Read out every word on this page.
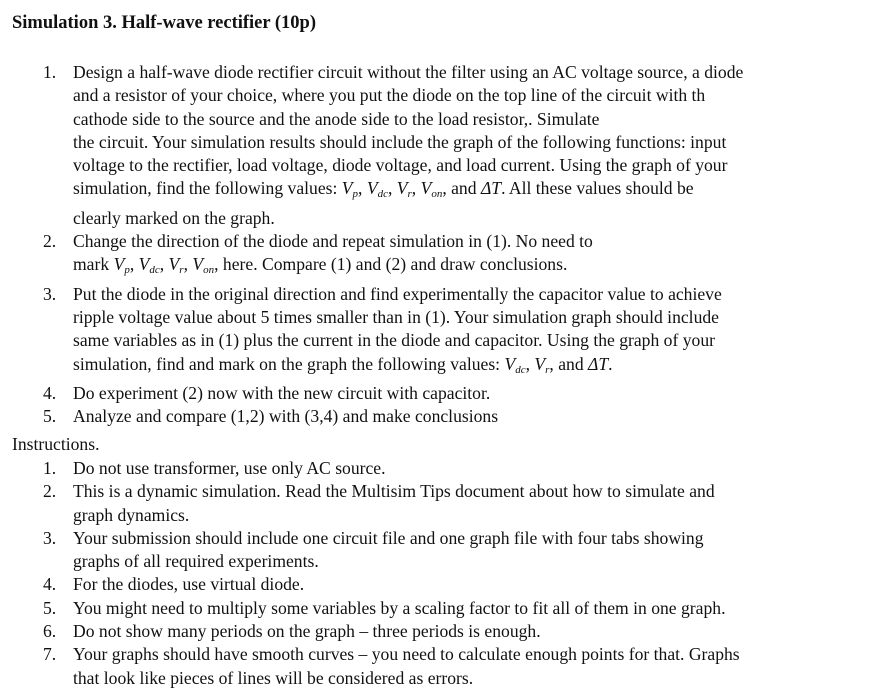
Simulation 3. Half-wave rectifier (10p)
1. Design a half-wave diode rectifier circuit without the filter using an AC voltage source, a diode
and a resistor of your choice, where you put the diode on the top line of the circuit with th
cathode side to the source and the anode side to the load resistor,. Simulate
the circuit. Your simulation results should include the graph of the following functions: input
voltage to the rectifier, load voltage, diode voltage, and load current. Using the graph of your
simulation, find the following values: $V_p$, $V_{dc}$, $V_r$, $V_{on}$, and ΔT. All these values should be
clearly marked on the graph.
2. Change the direction of the diode and repeat simulation in (1). No need to
mark $V_p$, $V_{dc}$, $V_r$, $V_{on}$, here. Compare (1) and (2) and draw conclusions.
3. Put the diode in the original direction and find experimentally the capacitor value to achieve
ripple voltage value about 5 times smaller than in (1). Your simulation graph should include
same variables as in (1) plus the current in the diode and capacitor. Using the graph of your
simulation, find and mark on the graph the following values: $V_{dc}$, $V_r$, and ΔT.
4. Do experiment (2) now with the new circuit with capacitor.
5. Analyze and compare (1,2) with (3,4) and make conclusions
Instructions.
1. Do not use transformer, use only AC source.
2. This is a dynamic simulation. Read the Multisim Tips document about how to simulate and
graph dynamics.
3. Your submission should include one circuit file and one graph file with four tabs showing
graphs of all required experiments.
4. For the diodes, use virtual diode.
5. You might need to multiply some variables by a scaling factor to fit all of them in one graph.
6. Do not show many periods on the graph – three periods is enough.
7. Your graphs should have smooth curves – you need to calculate enough points for that. Graphs
that look like pieces of lines will be considered as errors.
